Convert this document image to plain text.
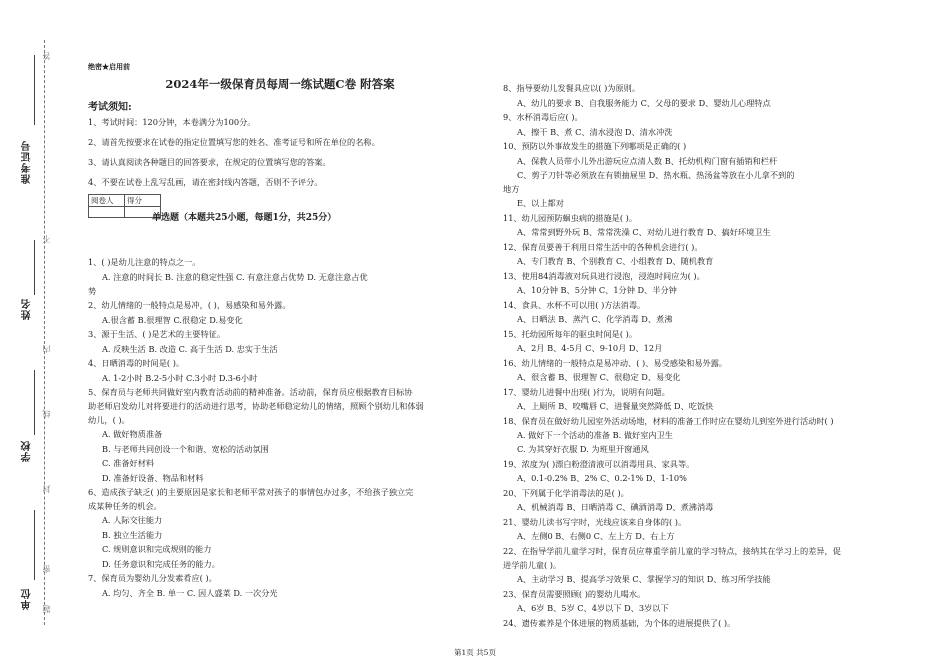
答
不
内
线
封
密
题
准考证号
姓名
学校
单位
绝密★启用前
2024年一级保育员每周一练试题C卷 附答案
考试须知:
1、考试时间：120分钟，本卷满分为100分。
2、请首先按要求在试卷的指定位置填写您的姓名、准考证号和所在单位的名称。
3、请认真阅读各种题目的回答要求，在规定的位置填写您的答案。
4、不要在试卷上乱写乱画，请在密封线内答题，否则不予评分。
阅卷人	得分

单选题（本题共25小题，每题1分，共25分）
1、( )是幼儿注意的特点之一。
A. 注意的时间长 B. 注意的稳定性强 C. 有意注意占优势 D. 无意注意占优
势
2、幼儿情绪的一般特点是易冲，( )，易感染和易外露。
A.很含蓄 B.很理智 C.很稳定 D.易变化
3、源于生活、( )是艺术的主要特征。
A. 反映生活 B. 改造 C. 高于生活 D. 忠实于生活
4、日晒消毒的时间是( )。
A. 1-2小时 B.2-5小时 C.3小时 D.3-6小时
5、保育员与老师共同做好室内教育活动前的精神准备。活动前，保育员应根据教育目标协
助老师启发幼儿对将要进行的活动进行思考，协助老师稳定幼儿的情绪，照顾个别幼儿和体弱
幼儿，( )。
A. 做好物质准备
B. 与老师共同创设一个和谐、宽松的活动氛围
C. 准备好材料
D. 准备好设备、物品和材料
6、造成孩子缺乏( )的主要原因是家长和老师平常对孩子的事情包办过多，不给孩子独立完
成某种任务的机会。
A. 人际交往能力
B. 独立生活能力
C. 规则意识和完成规则的能力
D. 任务意识和完成任务的能力。
7、保育员为婴幼儿分发素肴应( )。
A. 均匀、齐全 B. 单一 C. 因人盛菜 D. 一次分光
8、指导要幼儿发餐具应以( )为原则。
A、幼儿的要求 B、自我服务能力 C、父母的要求 D、婴幼儿心理特点
9、水杯消毒后应( )。
A、擦干 B、煮 C、清水浸泡 D、清水冲洗
10、预防以外事故发生的措施下列哪项是正确的( )
A、保教人员带小儿外出游玩应点清人数 B、托幼机构门窗有插销和栏杆
C、剪子刀针等必须放在有锁抽屉里 D、热水瓶、热汤盆等放在小儿拿不到的
地方
E、以上都对
11、幼儿园预防蛔虫病的措施是( )。
A、常常到野外玩 B、常常洗澡 C、对幼儿进行教育 D、搞好环境卫生
12、保育员要善于利用日常生活中的各种机会进行( )。
A、专门教育 B、个别教育 C、小组教育 D、随机教育
13、使用84消毒液对玩具进行浸泡，浸泡时间应为( )。
A、10分钟 B、5分钟 C、1分钟 D、半分钟
14、食具、水杯不可以用( )方法消毒。
A、日晒法 B、蒸汽 C、化学消毒 D、煮沸
15、托幼园所每年的驱虫时间是( )。
A、2月 B、4-5月 C、9-10月 D、12月
16、幼儿情绪的一般特点是易冲动、( )、易受感染和易外露。
A、很含蓄 B、很理智 C、很稳定 D、易变化
17、婴幼儿进餐中出现( )行为，说明有问题。
A、上厕所 B、咬嘴唇 C、进餐量突然降低 D、吃饭快
18、保育员在做好幼儿园室外活动场地，材料的准备工作时应在婴幼儿到室外进行活动时( )
A. 做好下一个活动的准备 B. 做好室内卫生
C. 为其穿好衣服 D. 为班里开窗通风
19、浓度为( )漂白粉澄清液可以消毒用具、家具等。
A、0.1-0.2% B、2% C、0.2-1% D、1-10%
20、下列属于化学消毒法的是( )。
A、机械消毒 B、日晒消毒 C、碘酒消毒 D、煮沸消毒
21、婴幼儿读书写字时，光线应该来自身体的( )。
A、左侧0 B、右侧0 C、左上方 D、右上方
22、在指导学前儿童学习时，保育员应尊重学前儿童的学习特点，接纳其在学习上的差异，促
进学前儿童( )。
A、主动学习 B、提高学习效果 C、掌握学习的知识 D、练习所学技能
23、保育员需要照顾( )的婴幼儿喝水。
A、6岁 B、5岁 C、4岁以下 D、3岁以下
24、遗传素养是个体进展的物质基础，为个体的进展提供了( )。
第1页 共5页
